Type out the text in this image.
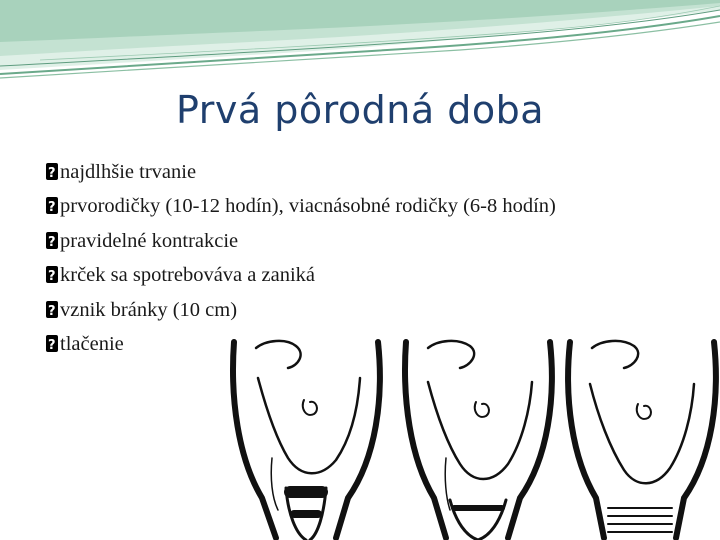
Prvá pôrodná doba
?najdlhšie trvanie
?prvorodičky (10-12 hodín), viacnásobné rodičky (6-8 hodín)
?pravidelné kontrakcie
?krček sa spotrebováva a zaniká
?vznik bránky (10 cm)
?tlačenie
